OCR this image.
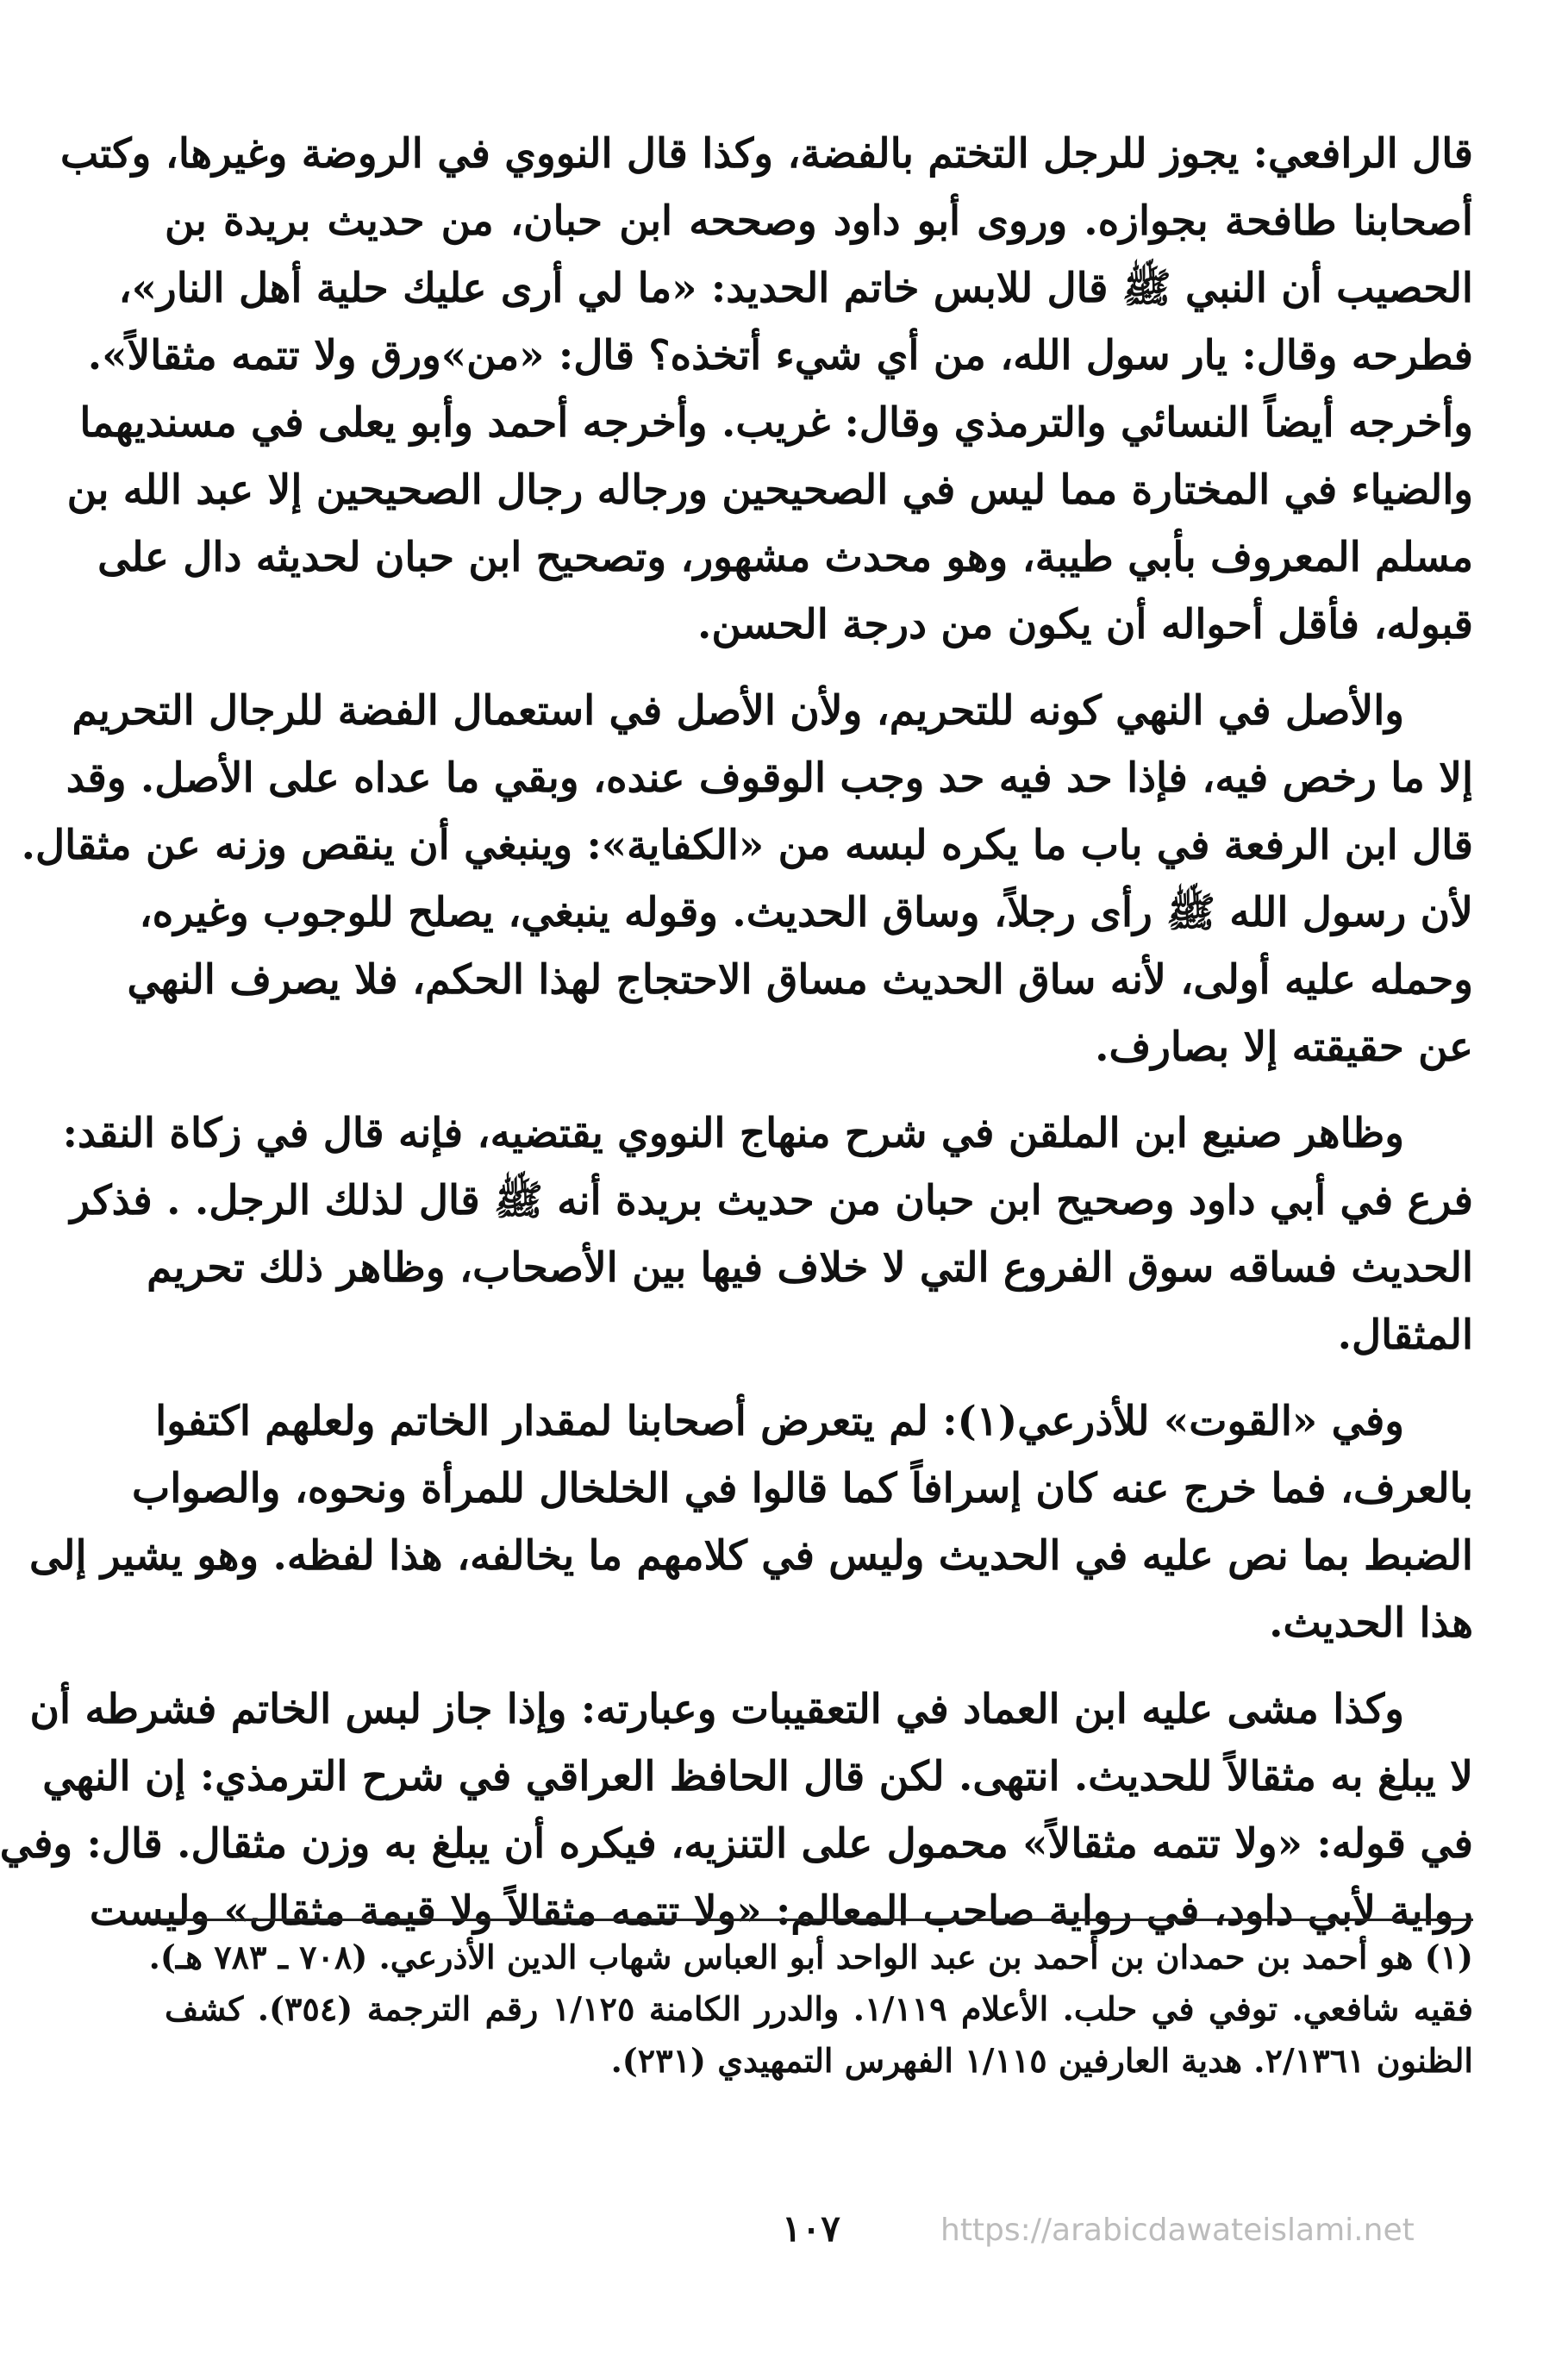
قال الرافعي: يجوز للرجل التختم بالفضة، وكذا قال النووي في الروضة وغيرها، وكتب
أصحابنا طافحة بجوازه. وروى أبو داود وصححه ابن حبان، من حديث بريدة بن
الحصيب أن النبي ﷺ قال للابس خاتم الحديد: «ما لي أرى عليك حلية أهل النار»،
فطرحه وقال: يار سول الله، من أي شيء أتخذه؟ قال: «من»ورق ولا تتمه مثقالاً».
وأخرجه أيضاً النسائي والترمذي وقال: غريب. وأخرجه أحمد وأبو يعلى في مسنديهما
والضياء في المختارة مما ليس في الصحيحين ورجاله رجال الصحيحين إلا عبد الله بن
مسلم المعروف بأبي طيبة، وهو محدث مشهور، وتصحيح ابن حبان لحديثه دال على
قبوله، فأقل أحواله أن يكون من درجة الحسن.
والأصل في النهي كونه للتحريم، ولأن الأصل في استعمال الفضة للرجال التحريم
إلا ما رخص فيه، فإذا حد فيه حد وجب الوقوف عنده، وبقي ما عداه على الأصل. وقد
قال ابن الرفعة في باب ما يكره لبسه من «الكفاية»: وينبغي أن ينقص وزنه عن مثقال.
لأن رسول الله ﷺ رأى رجلاً، وساق الحديث. وقوله ينبغي، يصلح للوجوب وغيره،
وحمله عليه أولى، لأنه ساق الحديث مساق الاحتجاج لهذا الحكم، فلا يصرف النهي
عن حقيقته إلا بصارف.
وظاهر صنيع ابن الملقن في شرح منهاج النووي يقتضيه، فإنه قال في زكاة النقد:
فرع في أبي داود وصحيح ابن حبان من حديث بريدة أنه ﷺ قال لذلك الرجل. . فذكر
الحديث فساقه سوق الفروع التي لا خلاف فيها بين الأصحاب، وظاهر ذلك تحريم
المثقال.
وفي «القوت» للأذرعي(١): لم يتعرض أصحابنا لمقدار الخاتم ولعلهم اكتفوا
بالعرف، فما خرج عنه كان إسرافاً كما قالوا في الخلخال للمرأة ونحوه، والصواب
الضبط بما نص عليه في الحديث وليس في كلامهم ما يخالفه، هذا لفظه. وهو يشير إلى
هذا الحديث.
وكذا مشى عليه ابن العماد في التعقيبات وعبارته: وإذا جاز لبس الخاتم فشرطه أن
لا يبلغ به مثقالاً للحديث. انتهى. لكن قال الحافظ العراقي في شرح الترمذي: إن النهي
في قوله: «ولا تتمه مثقالاً» محمول على التنزيه، فيكره أن يبلغ به وزن مثقال. قال: وفي
رواية لأبي داود، في رواية صاحب المعالم: «ولا تتمه مثقالاً ولا قيمة مثقال» وليست
(١) هو أحمد بن حمدان بن أحمد بن عبد الواحد أبو العباس شهاب الدين الأذرعي. (٧٠٨ ـ ٧٨٣ هـ).
فقيه شافعي. توفي في حلب. الأعلام ١/١١٩. والدرر الكامنة ١/١٢٥ رقم الترجمة (٣٥٤). كشف
الظنون ٢/١٣٦١. هدية العارفين ١/١١٥ الفهرس التمهيدي (٢٣١).
١٠٧	https://arabicdawateislami.net
